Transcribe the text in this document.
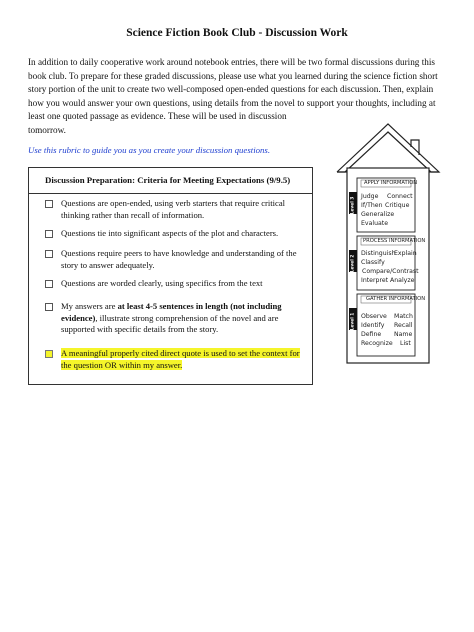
Science Fiction Book Club - Discussion Work
In addition to daily cooperative work around notebook entries, there will be two formal discussions during this book club. To prepare for these graded discussions, please use what you learned during the science fiction short story portion of the unit to create two well-composed open-ended questions for each discussion. Then, explain how you would answer your own questions, using details from the novel to support your thoughts, including at least one quoted passage as evidence. These will be used in discussion
tomorrow.
Use this rubric to guide you as you create your discussion questions.
Discussion Preparation: Criteria for Meeting Expectations (9/9.5)
Questions are open-ended, using verb starters that require critical thinking rather than recall of information.
Questions tie into significant aspects of the plot and characters.
Questions require peers to have knowledge and understanding of the story to answer adequately.
Questions are worded clearly, using specifics from the text
My answers are at least 4-5 sentences in length (not including evidence), illustrate strong comprehension of the novel and are supported with specific details from the story.
A meaningful properly cited direct quote is used to set the context for the question OR within my answer.
Level 3
Level 2
Level 1
APPLY INFORMATION
Judge Connect
If/Then Critique
Generalize
Evaluate
PROCESS INFORMATION
Distinguish
Explain
Classify
Compare/Contrast
Interpret Analyze
GATHER INFORMATION
Observe Match
Identify Recall
Define Name
Recognize List
